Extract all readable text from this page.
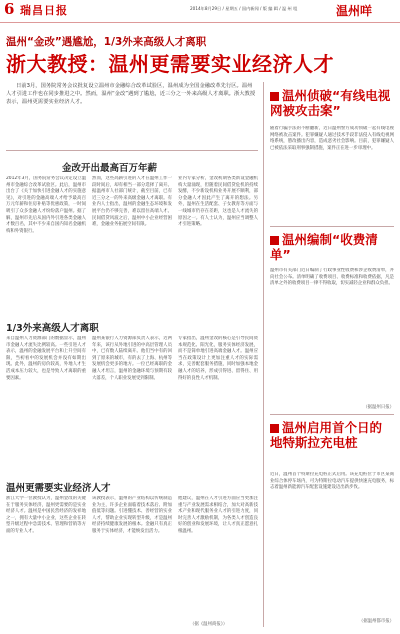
6 瑞昌日报	2014年8月29日 / 星期五 / 国内新闻 / 版 编 辑 / 温 州 咀	温州咩
温州“金改”遇尴尬，1/3外来高级人才离职
浙大教授：温州更需要实业经济人才
日前3月，国务院常务会议批复设立温州市金融综合改革试验区，温州成为全国金融改革先行区。温州人才引进工作也在同步推进之中。然而，温州“金改”遇到了尴尬，近三分之一外来高级人才离职。浙大教授表示，温州更需要实业经济人才。
金改开出最高百万年薪
2012年3月，国务院常务会议决定设立温州市金融综合改革试验区。此后，温州市出台了《关于加快引进金融人才的实施意见》，对引进的金融高端人才给予最高百万元年薪和住房补贴等优惠政策，一时间吸引了众多金融人才纷纷落户温州。据了解，温州市先后从国内外引进各类金融人才数百名，其中不少来自国内知名金融机构和外资银行。
然而，这些高薪引进的人才在温州工作一段时间后，却有相当一部分选择了离开。据温州市人社部门统计，截至目前，已有近三分之一的外来高级金融人才离职。有业内人士指出，温州的金融生态环境和发展平台仍不够完善，难以留住高端人才。民间借贷风波之后，温州中小企业经营困难，金融业务拓展空间有限。
业内专家分析，金改初期各类新设金融机构大量涌现，但随着民间借贷危机的持续发酵，不少新设机构业务开展不顺利，部分金融人才因此产生了离开的想法。另外，温州在生活配套、子女教育等方面与一线城市仍存在差距，这也是人才流失的原因之一。有人士认为，温州应当调整人才引进策略。
1/3外来高级人才离职
来自温州人力资源部门的数据显示，温州市金融人才流失比例较高。一些引进人才表示，温州的金融发展平台和上升空间有限，当初看中的发展机会并没有如期出现。此外，温州的房价较高，外地人才生活成本压力较大，也是导致人才离职的重要因素。
温州某银行人力资源部负责人表示，近两年来，该行从外地引进的中高层管理人员中，已有数人陆续离开。他们当中有的回到了原来的城市，有的去了上海、杭州等发展机会更多的地方。一位已经离职的金融人才坦言，温州的金融环境与预期有较大落差，个人职业发展受到限制。
专家指出，温州金改的核心是引导民间资本规范化、阳光化，服务实体经济发展，而不是简单地引进高端金融人才。温州应当在政策设计上更加注重人才的实际需求，完善配套服务措施，同时加强本地金融人才的培养，形成引得进、留得住、用得好的良性人才机制。
温州更需要实业经济人才
浙江大学一位教授认为，温州金改的关键在于服务实体经济，温州更需要的是实业经济人才。温州是中国民营经济的发祥地之一，拥有大量中小企业，这些企业在转型升级过程中急需技术、管理和营销等方面的专业人才。
该教授表示，温州的产业结构以传统制造业为主，许多企业面临着技术落后、附加值低等问题。引进懂技术、善经营的实业人才，帮助企业实现转型升级，才是温州经济持续健康发展的根本。金融只有真正服务于实体经济，才能焕发出活力。
他建议，温州在人才引进方面应当更加注重与产业发展需求相结合，加大对高新技术产业和现代服务业人才的引进力度，同时完善人才激励机制，为各类人才创造良好的创业和发展环境，让人才真正愿意扎根温州。
（据《温州商报》）
温州侦破“有线电视网被攻击案”
随着行骗手法的不断翻新，近日温州警方成功侦破一起有线电视网络被攻击案件。犯罪嫌疑人通过技术手段非法侵入有线电视网络系统，篡改播出内容，造成恶劣社会影响。目前，犯罪嫌疑人已被依法采取刑事强制措施，案件正在进一步审理中。
温州编制“收费清单”
温州市有关部门近日编制了行政事业性收费和涉企收费清单，并向社会公布。清单明确了收费项目、收费标准和收费依据，凡是清单之外的收费项目一律不得收取，切实减轻企业和群众负担。
（据温州日报）
温州启用首个日的地特斯拉充电桩
近日，温州首个特斯拉充电桩正式启用。该充电桩位于市区某商业综合体停车场内，可为特斯拉电动汽车提供快速充电服务，标志着温州新能源汽车配套设施建设迈出新步伐。
（据温州都市报）
